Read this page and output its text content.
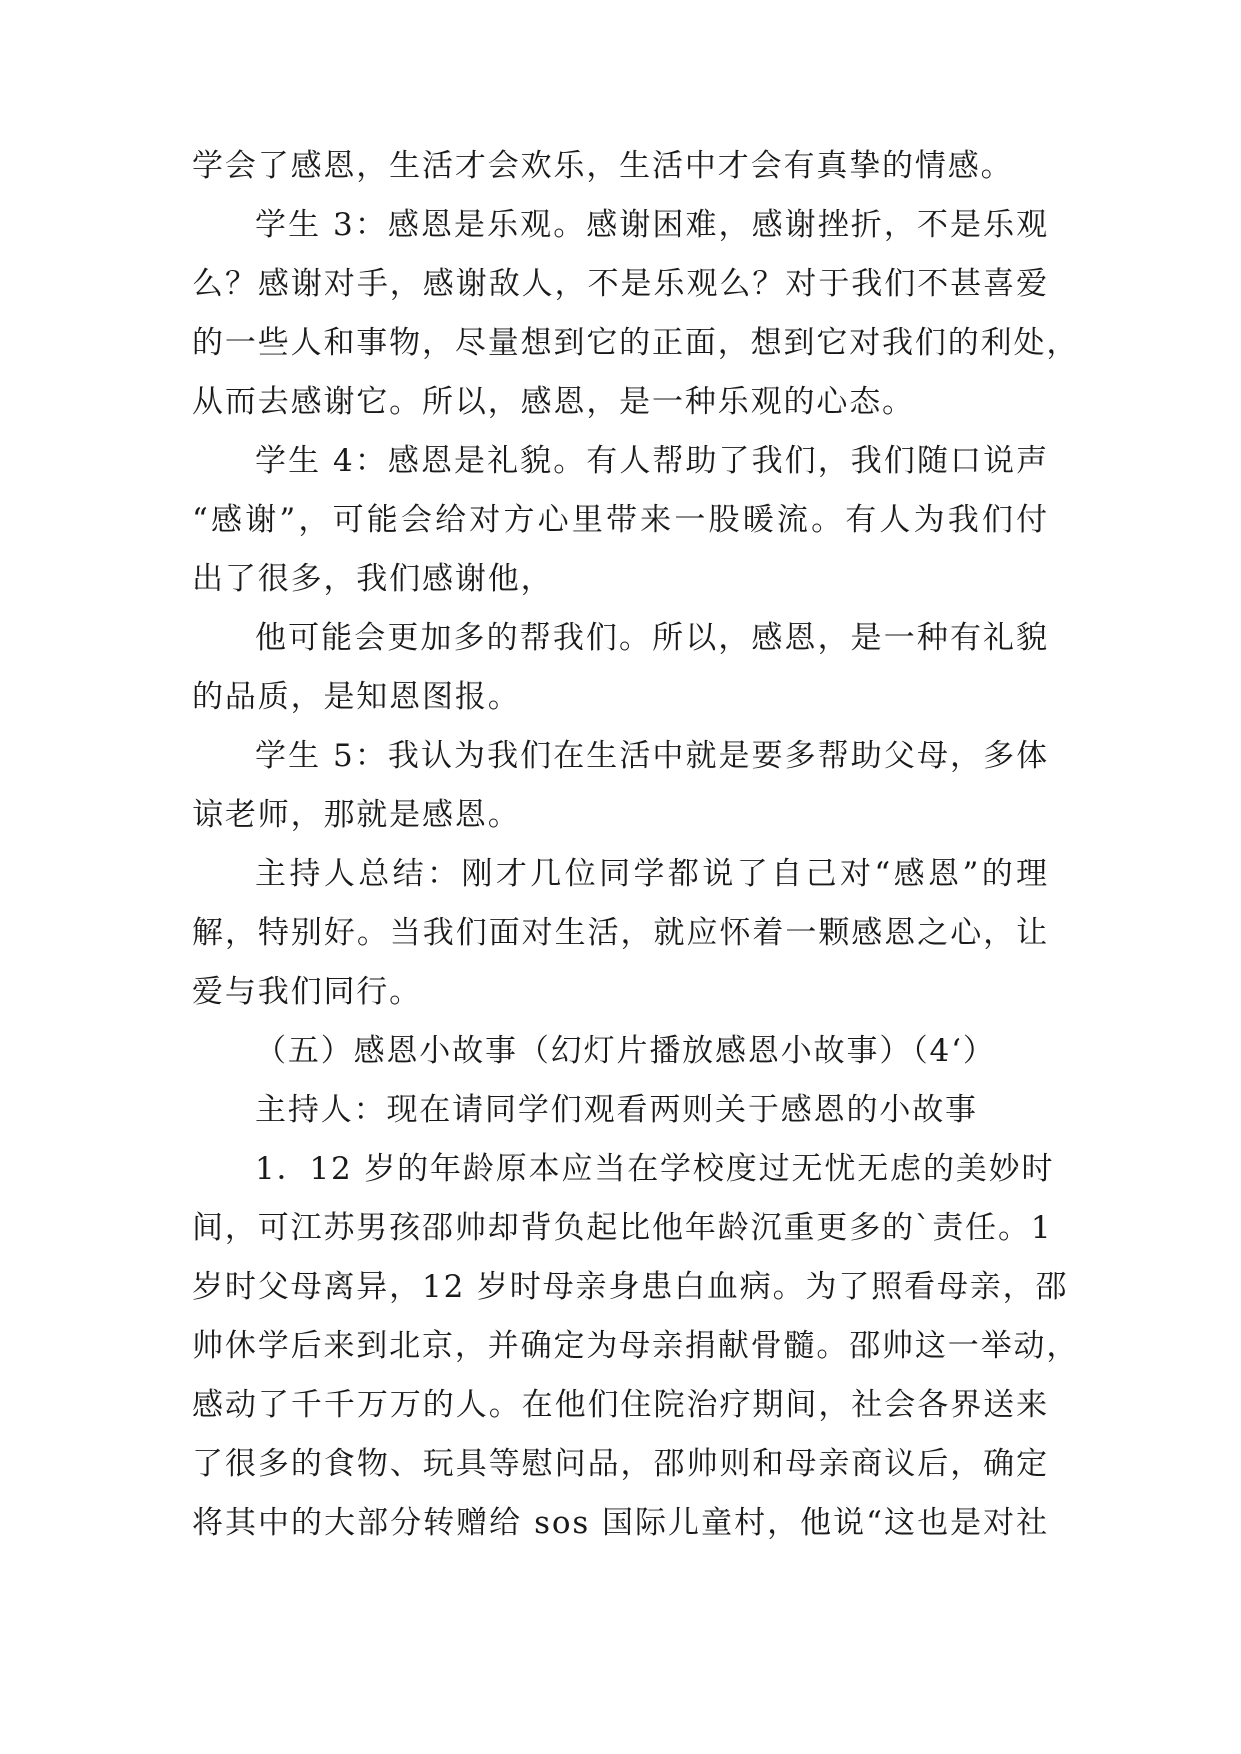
学会了感恩，生活才会欢乐，生活中才会有真挚的情感。
学生 3：感恩是乐观。感谢困难，感谢挫折，不是乐观
么？感谢对手，感谢敌人，不是乐观么？对于我们不甚喜爱
的一些人和事物，尽量想到它的正面，想到它对我们的利处，
从而去感谢它。所以，感恩，是一种乐观的心态。
学生 4：感恩是礼貌。有人帮助了我们，我们随口说声
“感谢”，可能会给对方心里带来一股暖流。有人为我们付
出了很多，我们感谢他，
他可能会更加多的帮我们。所以，感恩，是一种有礼貌
的品质，是知恩图报。
学生 5：我认为我们在生活中就是要多帮助父母，多体
谅老师，那就是感恩。
主持人总结：刚才几位同学都说了自己对“感恩”的理
解，特别好。当我们面对生活，就应怀着一颗感恩之心，让
爱与我们同行。
（五）感恩小故事（幻灯片播放感恩小故事）（4‘）
主持人：现在请同学们观看两则关于感恩的小故事
1．12 岁的年龄原本应当在学校度过无忧无虑的美妙时
间，可江苏男孩邵帅却背负起比他年龄沉重更多的`责任。1
岁时父母离异，12 岁时母亲身患白血病。为了照看母亲，邵
帅休学后来到北京，并确定为母亲捐献骨髓。邵帅这一举动，
感动了千千万万的人。在他们住院治疗期间，社会各界送来
了很多的食物、玩具等慰问品，邵帅则和母亲商议后，确定
将其中的大部分转赠给 sos 国际儿童村，他说“这也是对社
